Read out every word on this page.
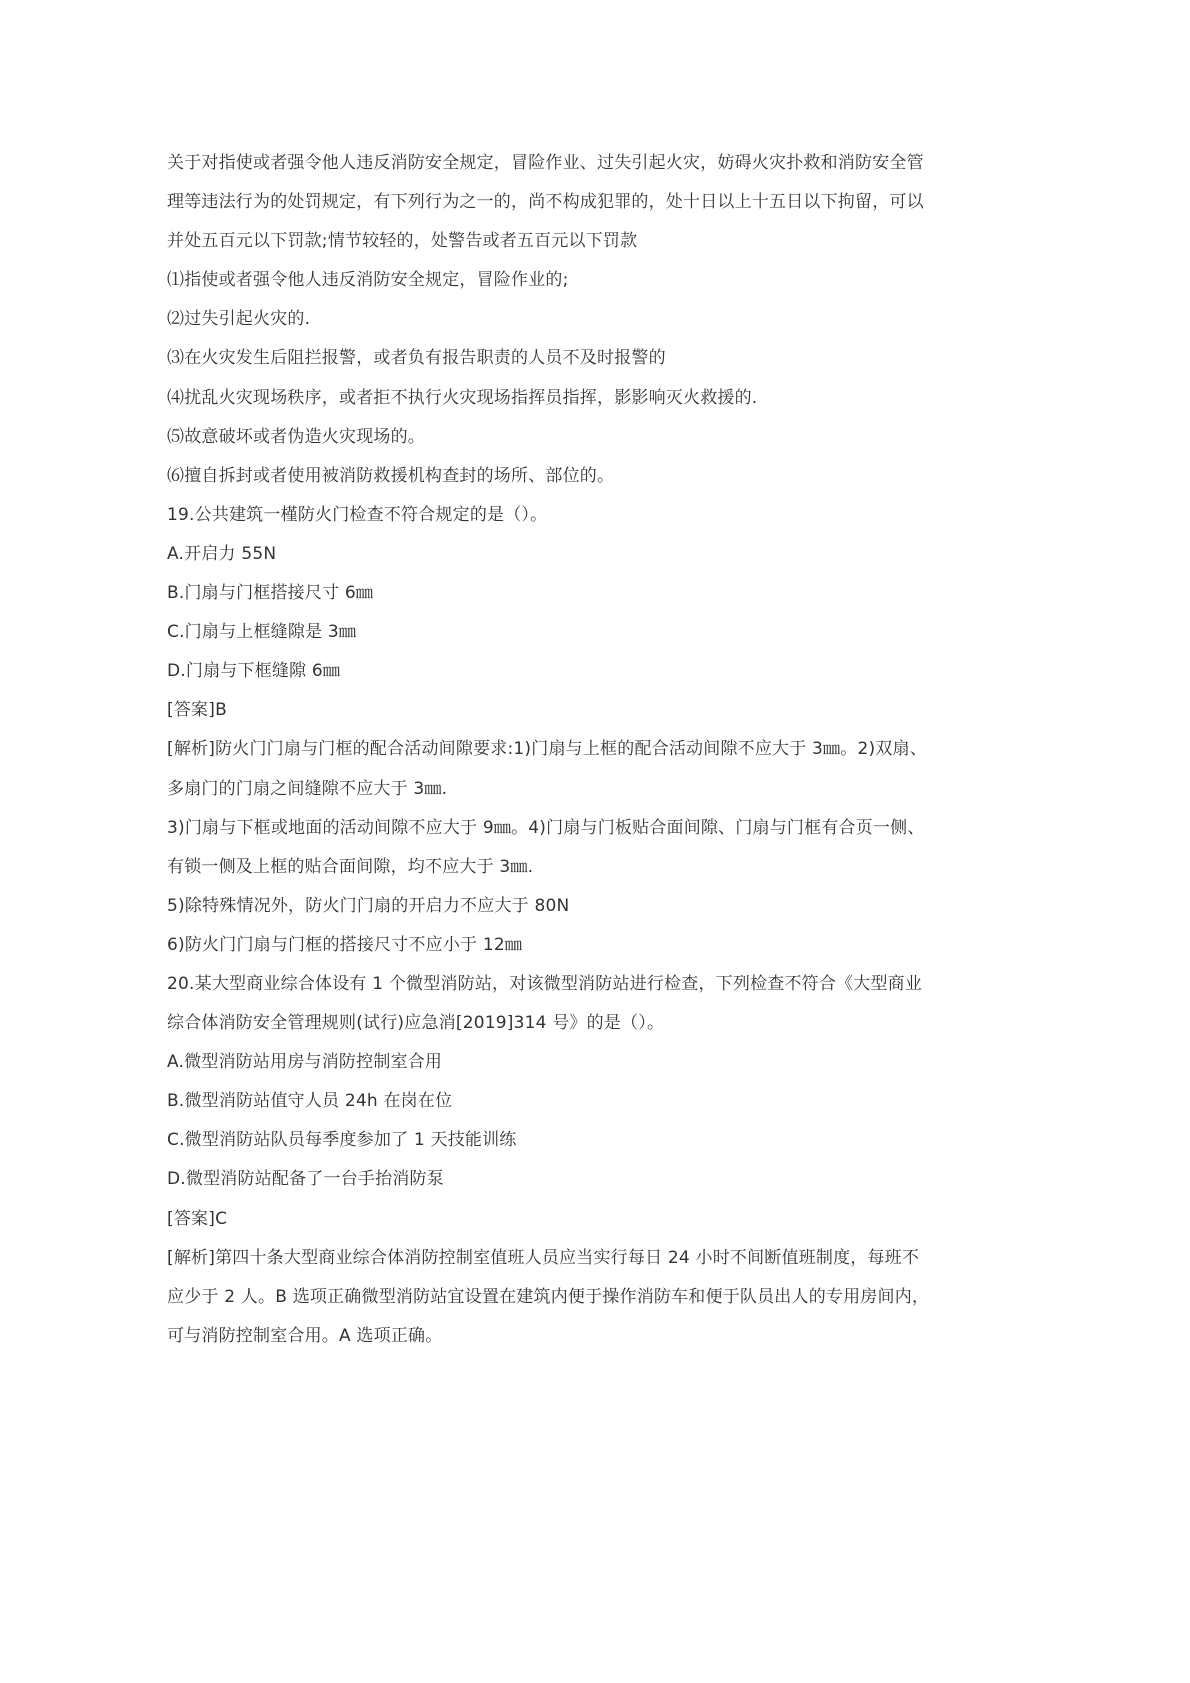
关于对指使或者强令他人违反消防安全规定，冒险作业、过失引起火灾，妨碍火灾扑救和消防安全管
理等违法行为的处罚规定，有下列行为之一的，尚不构成犯罪的，处十日以上十五日以下拘留，可以
并处五百元以下罚款;情节较轻的，处警告或者五百元以下罚款
⑴指使或者强令他人违反消防安全规定，冒险作业的;
⑵过失引起火灾的.
⑶在火灾发生后阻拦报警，或者负有报告职责的人员不及时报警的
⑷扰乱火灾现场秩序，或者拒不执行火灾现场指挥员指挥，影影响灭火救援的.
⑸故意破坏或者伪造火灾现场的。
⑹擅自拆封或者使用被消防救援机构查封的场所、部位的。
19.公共建筑一槿防火门检查不符合规定的是（）。
A.开启力 55N
B.门扇与门框搭接尺寸 6㎜
C.门扇与上框缝隙是 3㎜
D.门扇与下框缝隙 6㎜
[答案]B
[解析]防火门门扇与门框的配合活动间隙要求:1)门扇与上框的配合活动间隙不应大于 3㎜。2)双扇、
多扇门的门扇之间缝隙不应大于 3㎜.
3)门扇与下框或地面的活动间隙不应大于 9㎜。4)门扇与门板贴合面间隙、门扇与门框有合页一侧、
有锁一侧及上框的贴合面间隙，均不应大于 3㎜.
5)除特殊情况外，防火门门扇的开启力不应大于 80N
6)防火门门扇与门框的搭接尺寸不应小于 12㎜
20.某大型商业综合体设有 1 个微型消防站，对该微型消防站进行检查，下列检查不符合《大型商业
综合体消防安全管理规则(试行)应急消[2019]314 号》的是（）。
A.微型消防站用房与消防控制室合用
B.微型消防站值守人员 24h 在岗在位
C.微型消防站队员每季度参加了 1 天技能训练
D.微型消防站配备了一台手抬消防泵
[答案]C
[解析]第四十条大型商业综合体消防控制室值班人员应当实行每日 24 小时不间断值班制度，每班不
应少于 2 人。B 选项正确微型消防站宜设置在建筑内便于操作消防车和便于队员出人的专用房间内，
可与消防控制室合用。A 选项正确。
